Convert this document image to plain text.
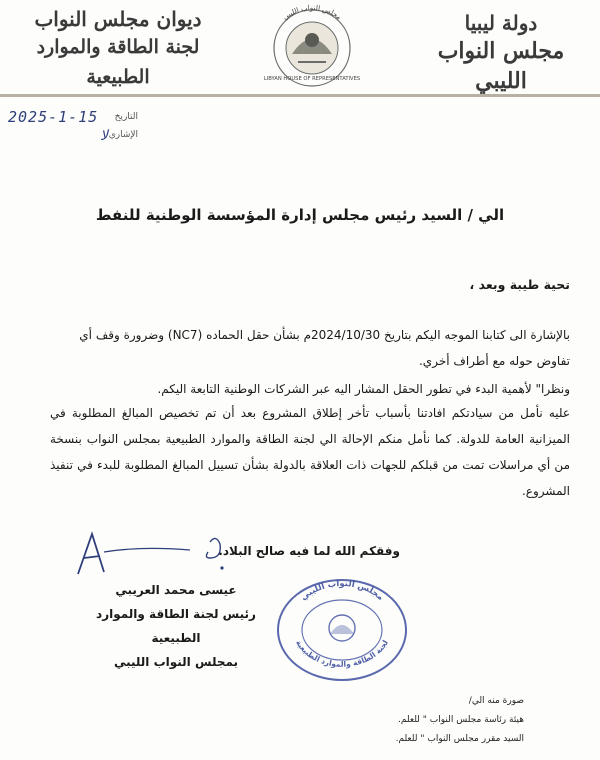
دولة ليبيا
مجلس النواب الليبي
مجلس النواب الليبي
LIBYAN HOUSE OF REPRESENTATIVES
ديوان مجلس النواب
لجنة الطاقة والموارد الطبيعية
2025-1-15 التاريخ
لا الإشاري
الي / السيد رئيس مجلس إدارة المؤسسة الوطنية للنفط
تحية طيبة وبعد ،
بالإشارة الى كتابنا الموجه اليكم بتاريخ 2024/10/30م بشأن حقل الحماده (NC7) وضرورة وقف أي تفاوض حوله مع أطراف أخري.
ونظرا" لأهمية البدء في تطور الحقل المشار اليه عبر الشركات الوطنية التابعة اليكم.
عليه نأمل من سيادتكم افادتنا بأسباب تأخر إطلاق المشروع بعد أن تم تخصيص المبالغ المطلوبة في الميزانية العامة للدولة. كما نأمل منكم الإحالة الي لجنة الطاقة والموارد الطبيعية بمجلس النواب بنسخة من أي مراسلات تمت من قبلكم للجهات ذات العلاقة بالدولة بشأن تسييل المبالغ المطلوبة للبدء في تنفيذ المشروع.
وفقكم الله لما فيه صالح البلاد.
عيسى محمد العريبي
رئيس لجنة الطاقة والموارد الطبيعية
بمجلس النواب الليبي
مجلس النواب الليبي
لجنة الطاقة والموارد الطبيعية
صورة منه الي/
هيئة رئاسة مجلس النواب " للعلم.
السيد مقرر مجلس النواب " للعلم.
